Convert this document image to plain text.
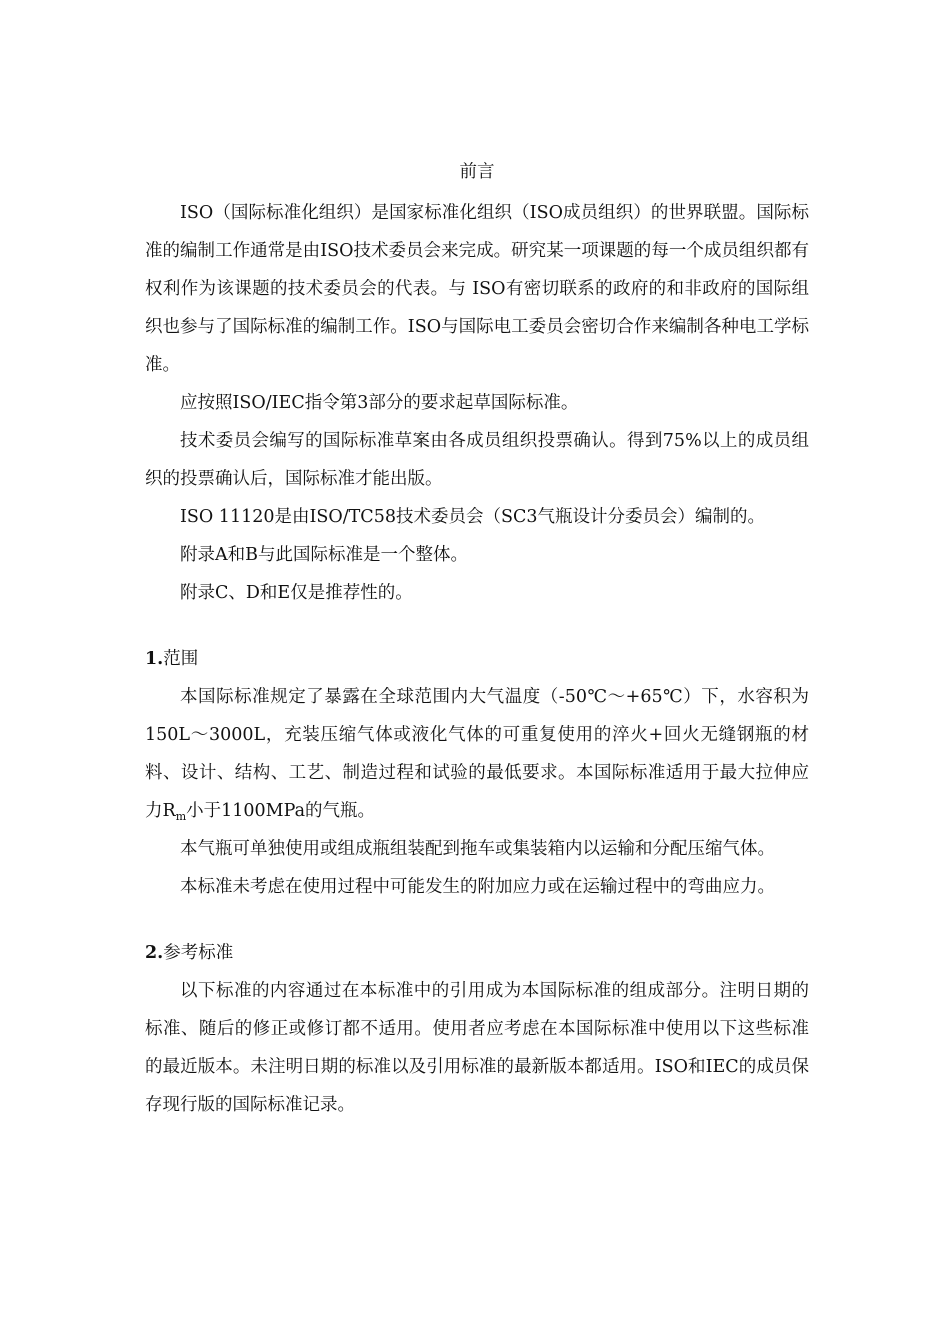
前言

ISO（国际标准化组织）是国家标准化组织（ISO成员组织）的世界联盟。国际标准的编制工作通常是由ISO技术委员会来完成。研究某一项课题的每一个成员组织都有权利作为该课题的技术委员会的代表。与 ISO有密切联系的政府的和非政府的国际组织也参与了国际标准的编制工作。ISO与国际电工委员会密切合作来编制各种电工学标准。

应按照ISO/IEC指令第3部分的要求起草国际标准。

技术委员会编写的国际标准草案由各成员组织投票确认。得到75%以上的成员组织的投票确认后，国际标准才能出版。

ISO 11120是由ISO/TC58技术委员会（SC3气瓶设计分委员会）编制的。

附录A和B与此国际标准是一个整体。

附录C、D和E仅是推荐性的。

1.范围

本国际标准规定了暴露在全球范围内大气温度（-50℃～+65℃）下，水容积为150L～3000L，充装压缩气体或液化气体的可重复使用的淬火+回火无缝钢瓶的材料、设计、结构、工艺、制造过程和试验的最低要求。本国际标准适用于最大拉伸应力$R_m$小于1100MPa的气瓶。

本气瓶可单独使用或组成瓶组装配到拖车或集装箱内以运输和分配压缩气体。

本标准未考虑在使用过程中可能发生的附加应力或在运输过程中的弯曲应力。

2.参考标准

以下标准的内容通过在本标准中的引用成为本国际标准的组成部分。注明日期的标准、随后的修正或修订都不适用。使用者应考虑在本国际标准中使用以下这些标准的最近版本。未注明日期的标准以及引用标准的最新版本都适用。ISO和IEC的成员保存现行版的国际标准记录。
